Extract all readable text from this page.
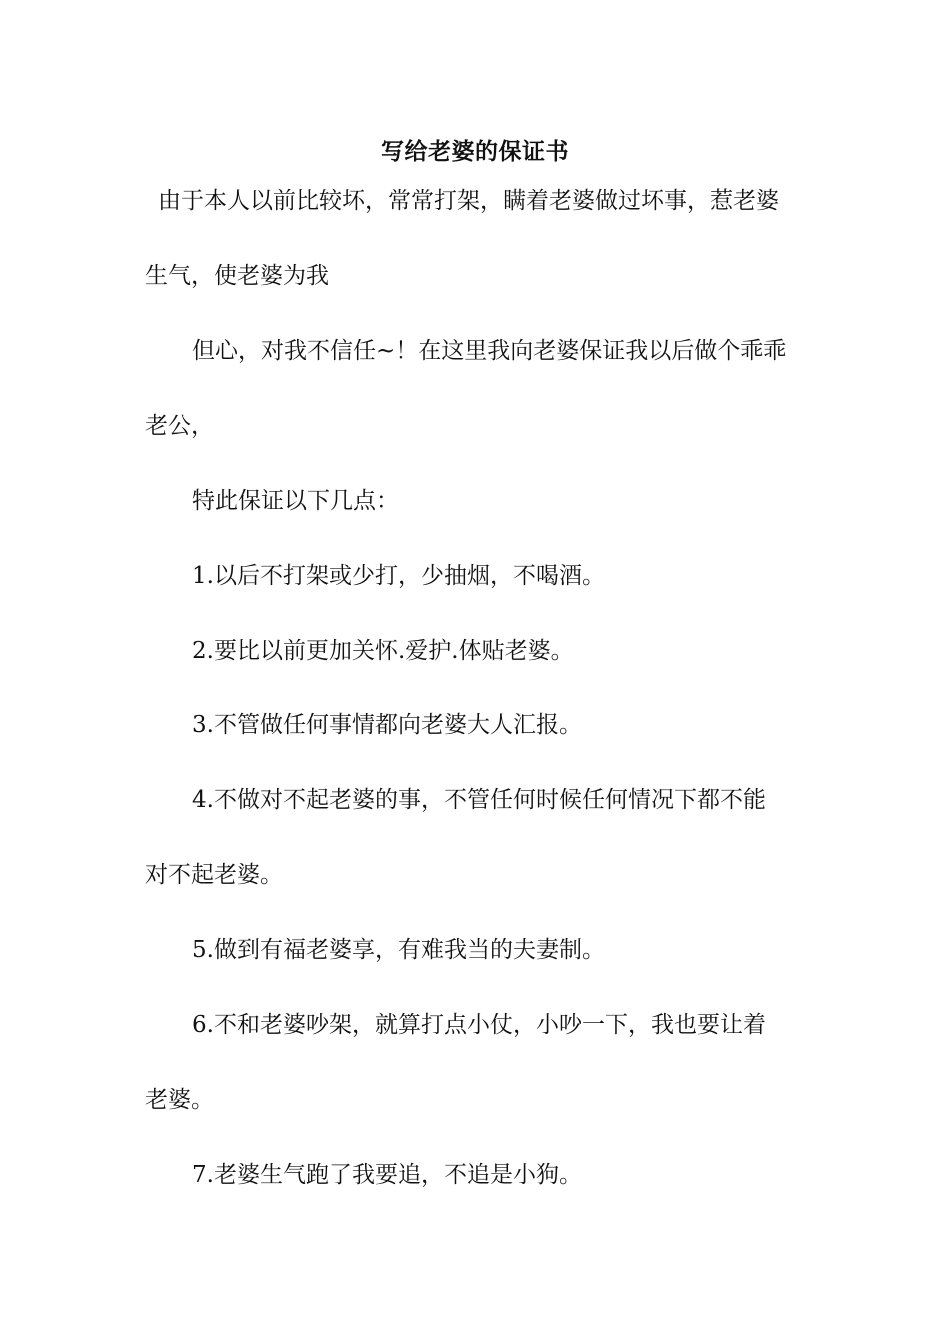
写给老婆的保证书
由于本人以前比较坏，常常打架，瞒着老婆做过坏事，惹老婆
生气，使老婆为我
但心，对我不信任~！在这里我向老婆保证我以后做个乖乖
老公，
特此保证以下几点：
1.以后不打架或少打，少抽烟，不喝酒。
2.要比以前更加关怀.爱护.体贴老婆。
3.不管做任何事情都向老婆大人汇报。
4.不做对不起老婆的事，不管任何时候任何情况下都不能
对不起老婆。
5.做到有福老婆享，有难我当的夫妻制。
6.不和老婆吵架，就算打点小仗，小吵一下，我也要让着
老婆。
7.老婆生气跑了我要追，不追是小狗。
